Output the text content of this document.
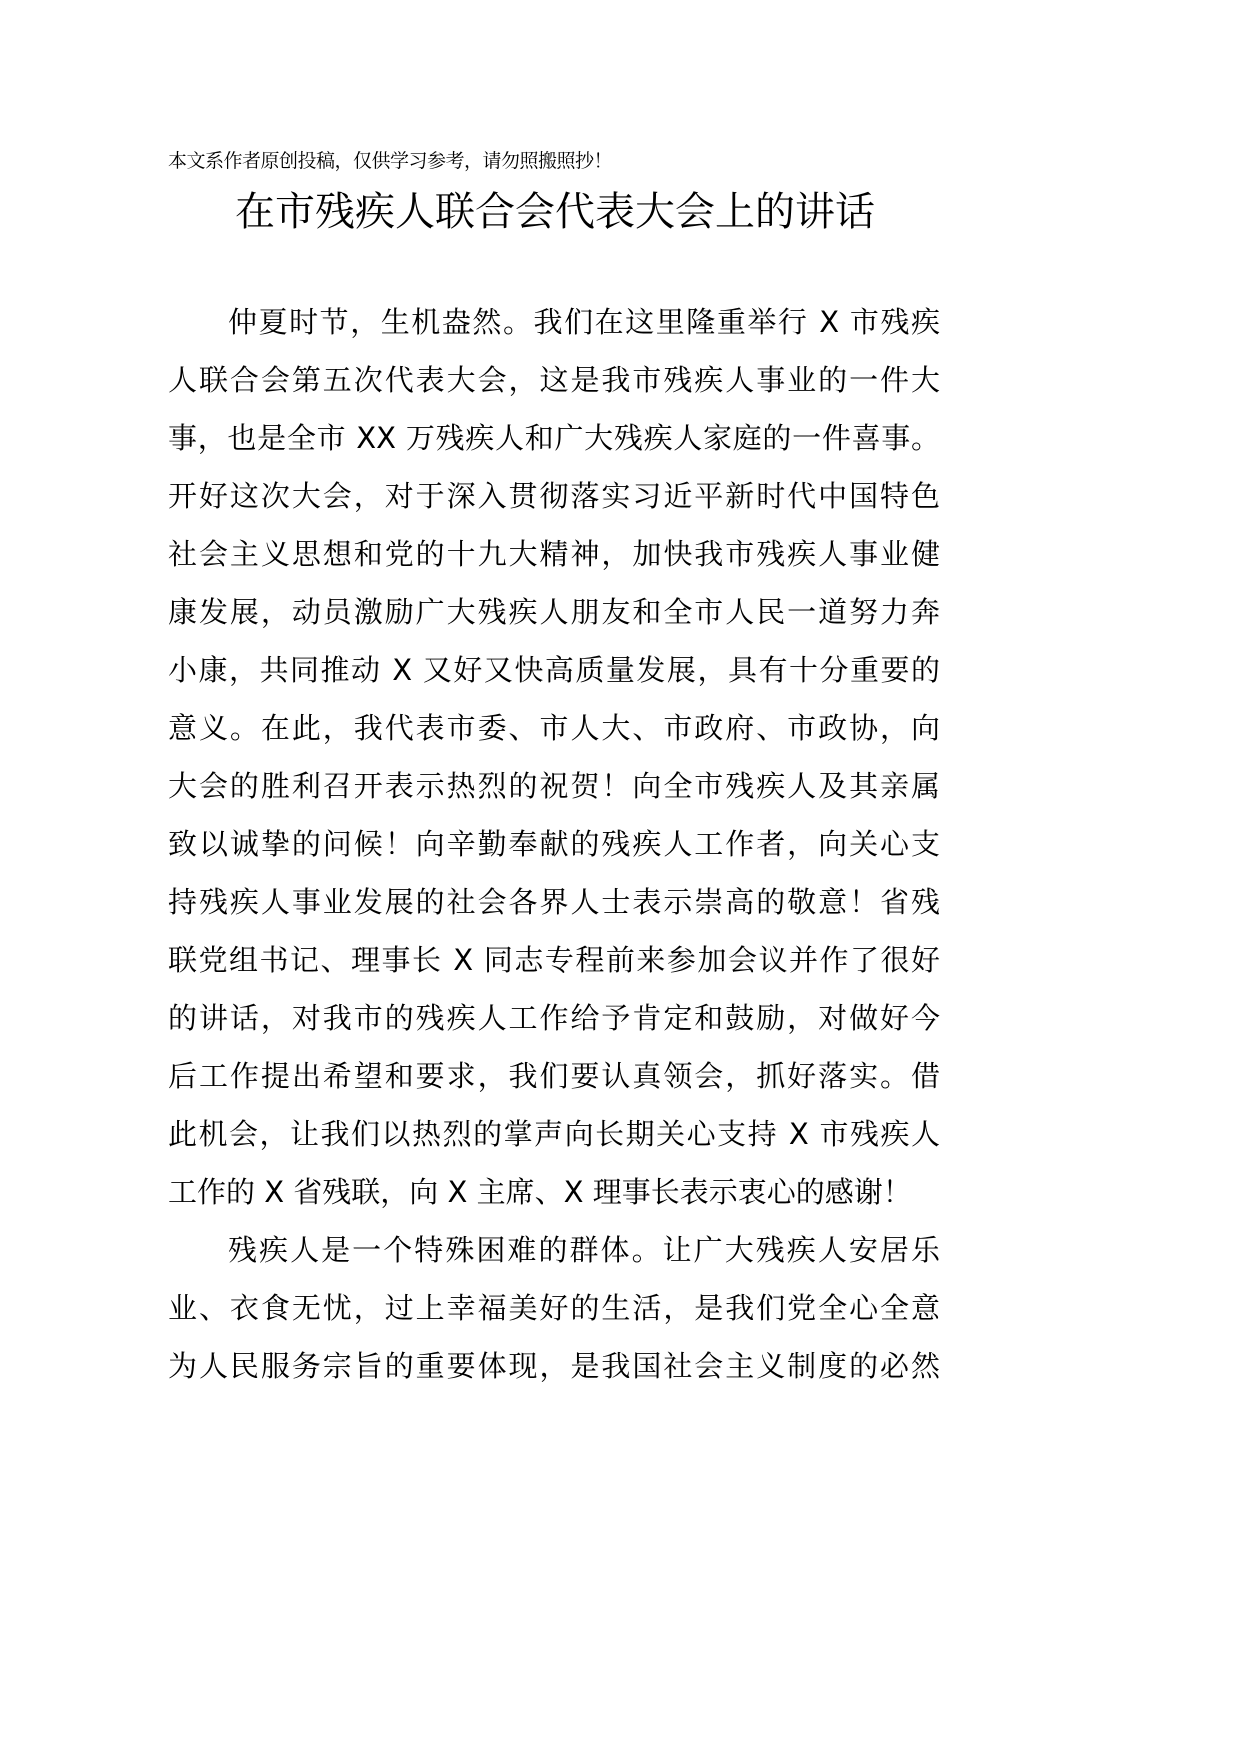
本文系作者原创投稿，仅供学习参考，请勿照搬照抄！
在市残疾人联合会代表大会上的讲话
仲夏时节，生机盎然。我们在这里隆重举行 X 市残疾
人联合会第五次代表大会，这是我市残疾人事业的一件大
事，也是全市 XX 万残疾人和广大残疾人家庭的一件喜事。
开好这次大会，对于深入贯彻落实习近平新时代中国特色
社会主义思想和党的十九大精神，加快我市残疾人事业健
康发展，动员激励广大残疾人朋友和全市人民一道努力奔
小康，共同推动 X 又好又快高质量发展，具有十分重要的
意义。在此，我代表市委、市人大、市政府、市政协，向
大会的胜利召开表示热烈的祝贺！向全市残疾人及其亲属
致以诚挚的问候！向辛勤奉献的残疾人工作者，向关心支
持残疾人事业发展的社会各界人士表示崇高的敬意！省残
联党组书记、理事长 X 同志专程前来参加会议并作了很好
的讲话，对我市的残疾人工作给予肯定和鼓励，对做好今
后工作提出希望和要求，我们要认真领会，抓好落实。借
此机会，让我们以热烈的掌声向长期关心支持 X 市残疾人
工作的 X 省残联，向 X 主席、X 理事长表示衷心的感谢！
残疾人是一个特殊困难的群体。让广大残疾人安居乐
业、衣食无忧，过上幸福美好的生活，是我们党全心全意
为人民服务宗旨的重要体现，是我国社会主义制度的必然
